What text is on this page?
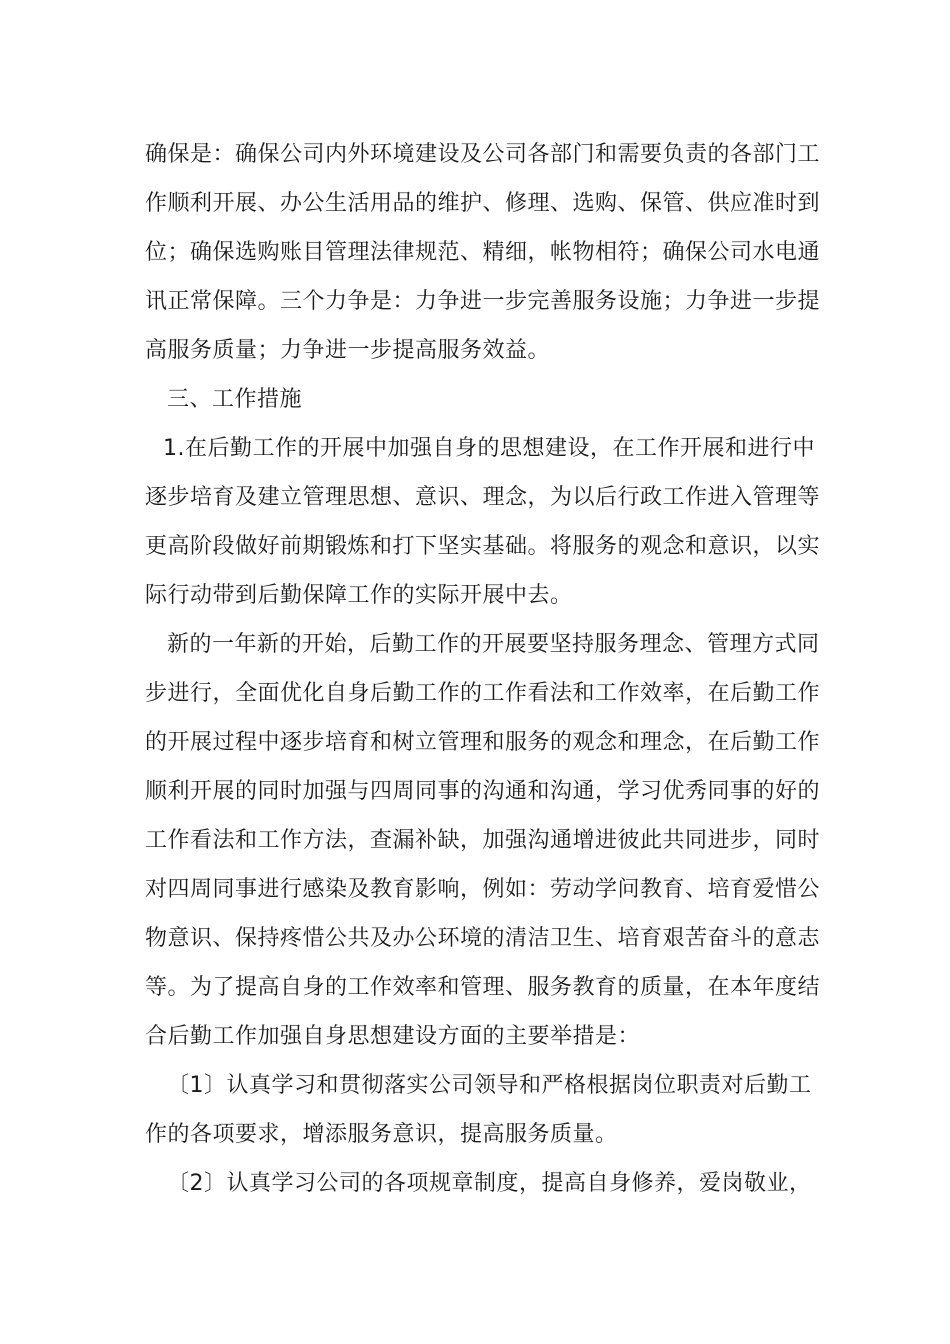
确保是：确保公司内外环境建设及公司各部门和需要负责的各部门工作顺利开展、办公生活用品的维护、修理、选购、保管、供应准时到位；确保选购账目管理法律规范、精细，帐物相符；确保公司水电通讯正常保障。三个力争是：力争进一步完善服务设施；力争进一步提高服务质量；力争进一步提高服务效益。

三、工作措施

1.在后勤工作的开展中加强自身的思想建设，在工作开展和进行中逐步培育及建立管理思想、意识、理念，为以后行政工作进入管理等更高阶段做好前期锻炼和打下坚实基础。将服务的观念和意识，以实际行动带到后勤保障工作的实际开展中去。

新的一年新的开始，后勤工作的开展要坚持服务理念、管理方式同步进行，全面优化自身后勤工作的工作看法和工作效率，在后勤工作的开展过程中逐步培育和树立管理和服务的观念和理念，在后勤工作顺利开展的同时加强与四周同事的沟通和沟通，学习优秀同事的好的工作看法和工作方法，查漏补缺，加强沟通增进彼此共同进步，同时对四周同事进行感染及教育影响，例如：劳动学问教育、培育爱惜公物意识、保持疼惜公共及办公环境的清洁卫生、培育艰苦奋斗的意志等。为了提高自身的工作效率和管理、服务教育的质量，在本年度结合后勤工作加强自身思想建设方面的主要举措是：

〔1〕认真学习和贯彻落实公司领导和严格根据岗位职责对后勤工作的各项要求，增添服务意识，提高服务质量。

〔2〕认真学习公司的各项规章制度，提高自身修养，爱岗敬业，
